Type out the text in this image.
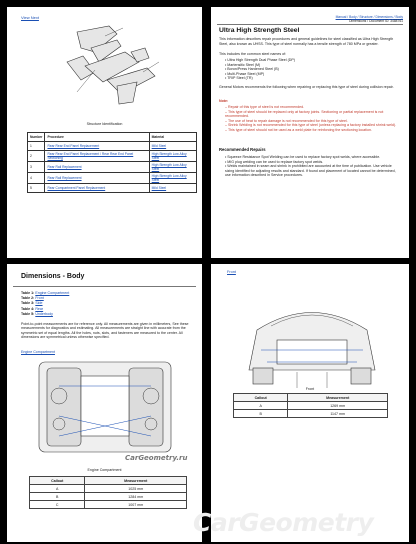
View Next
Structure Identification
Number	Procedure	Material
1	Rear Rear End Panel Replacement	Mild Steel
2	Rear Rear End Panel Replacement / Rear Rear End Panel Sectioning	High Strength Low Alloy Steel
3	Rear Rail Replacement	High Strength Low Alloy Steel
4	Rear Rail Replacement	High Strength Low Alloy Steel
5	Rear Compartment Panel Replacement	Mild Steel
Manual / Body / Structure / Dimensions / Body
Dimensions / Document ID: 3488761
Ultra High Strength Steel
This information describes repair procedures and general guidelines for steel classified as Ultra High Strength Steel, also known as UHSS. This type of steel normally has a tensile strength of 780 MPa or greater.
This includes the common steel names of:
• Ultra High Strength Dual Phase Steel (DP)
• Martensitic Steel (M)
• Boron/Press Hardened Steel (B)
• Multi-Phase Steel (MP)
• TRIP Steel (TR)
General Motors recommends the following when repairing or replacing this type of steel during collision repair.
Note:
– Repair of this type of steel is not recommended.
– This type of steel should be replaced only at factory joints. Sectioning or partial replacement is not recommended.
– The use of heat to repair damage is not recommended for this type of steel.
– Shrink Welding is not recommended for this type of steel (unless replacing a factory installed shrink weld).
– This type of steel should not be used as a weld plate for reinforcing the sectioning location.
Recommended Repairs
• Squeeze Resistance Spot Welding can be used to replace factory spot welds, where accessible.
• MIG plug welding can be used to replace factory spot welds.
• Welds maintained in seam and shrink in prohibited are accounted at the time of publication. Use vehicle sizing identified for adjusting results and standard. If found and placement of located cannot be determined, use information described in Service procedures.
Dimensions - Body
Table 1: Engine Compartment
Table 2: Front
Table 3: Side
Table 4: Rear
Table 5: Underbody
Point-to-point measurements are for reference only. All measurements are given in millimeters, See these measurements for diagnostics and estimating. All measurements are straight line with accurate from the symmetric set of equal lengths. All the holes, nuts, slots, and fasteners are measured to the center. All dimensions are symmetrical unless otherwise specified.
Engine Compartment
CarGeometry.ru
Engine Compartment
Callout	Measurement
A	1025 mm
B	1284 mm
C	1007 mm
Front
Front
Callout	Measurement
A	1269 mm
B	1147 mm
CarGeometry
